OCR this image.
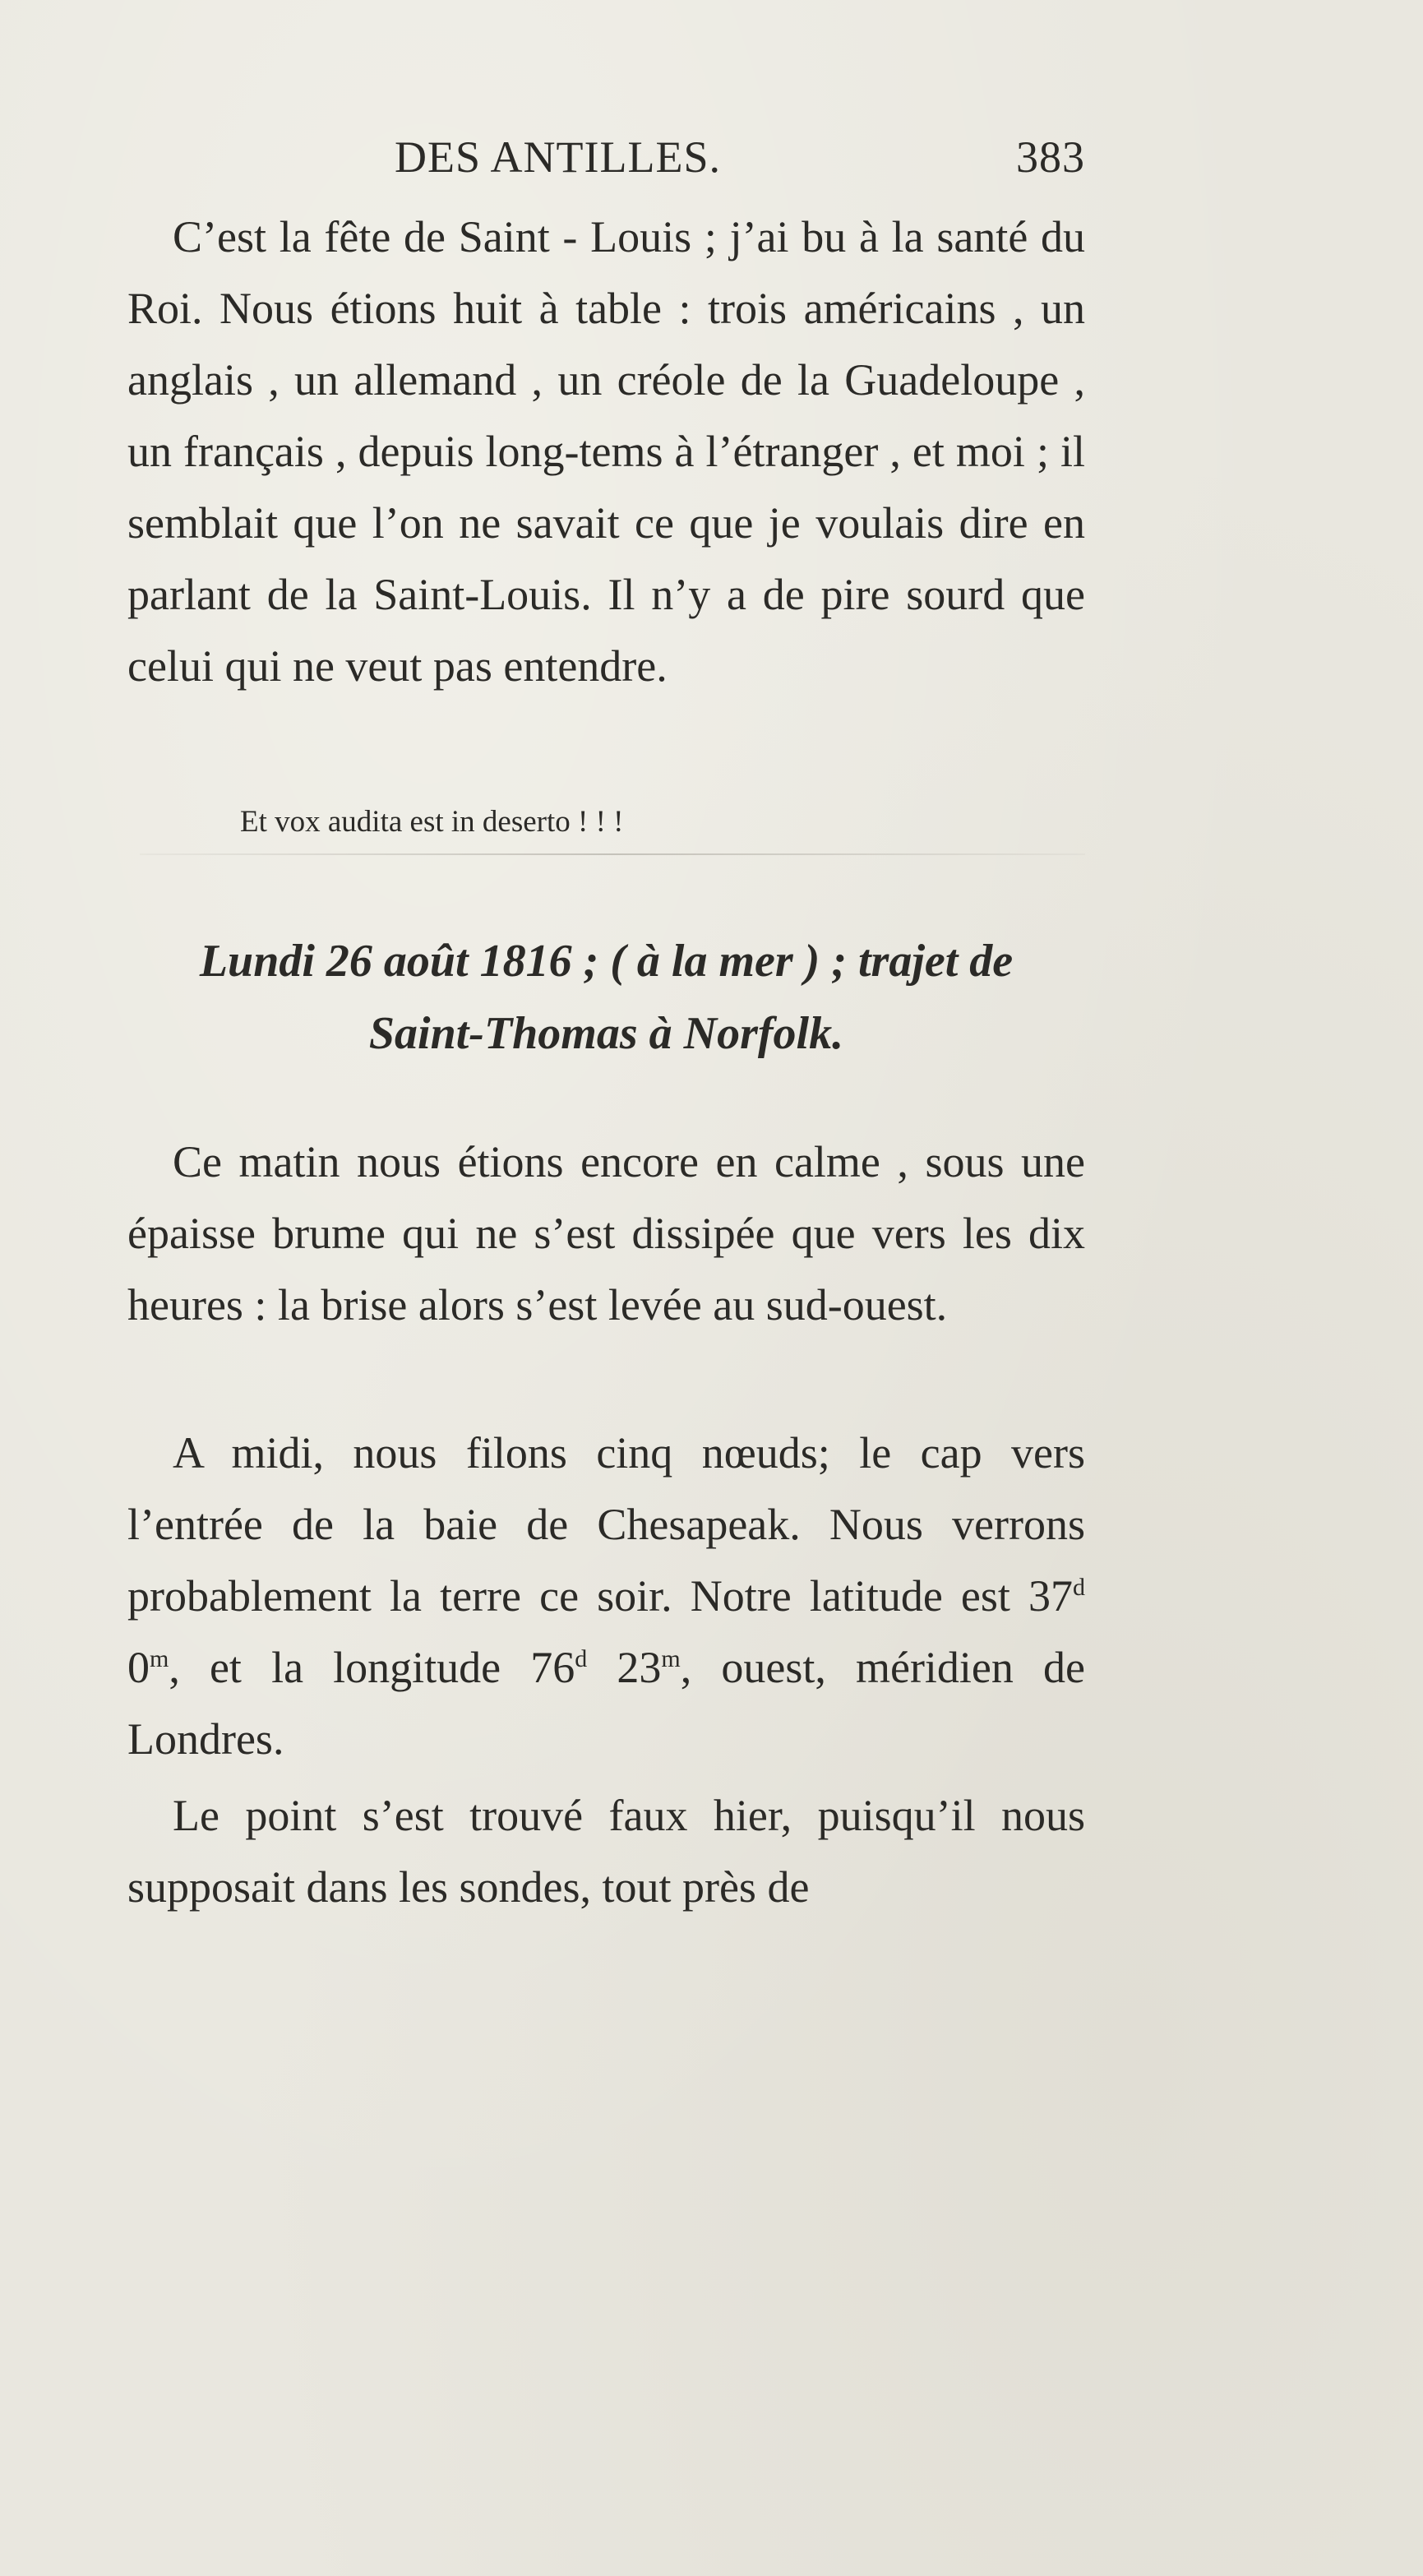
DES ANTILLES.	383

C’est la fête de Saint - Louis ; j’ai bu à la santé du Roi. Nous étions huit à table : trois américains , un anglais , un allemand , un créole de la Guadeloupe , un français , depuis long-tems à l’étranger , et moi ; il semblait que l’on ne savait ce que je voulais dire en parlant de la Saint-Louis. Il n’y a de pire sourd que celui qui ne veut pas entendre.

Et vox audita est in deserto ! ! !

Lundi 26 août 1816 ; ( à la mer ) ; trajet de
Saint-Thomas à Norfolk.

Ce matin nous étions encore en calme , sous une épaisse brume qui ne s’est dissipée que vers les dix heures : la brise alors s’est levée au sud-ouest.

A midi, nous filons cinq nœuds; le cap vers l’entrée de la baie de Chesapeak. Nous verrons probablement la terre ce soir. Notre latitude est 37$^d$ 0$^m$, et la longitude 76$^d$ 23$^m$, ouest, méridien de Londres.

Le point s’est trouvé faux hier, puisqu’il nous supposait dans les sondes, tout près de
